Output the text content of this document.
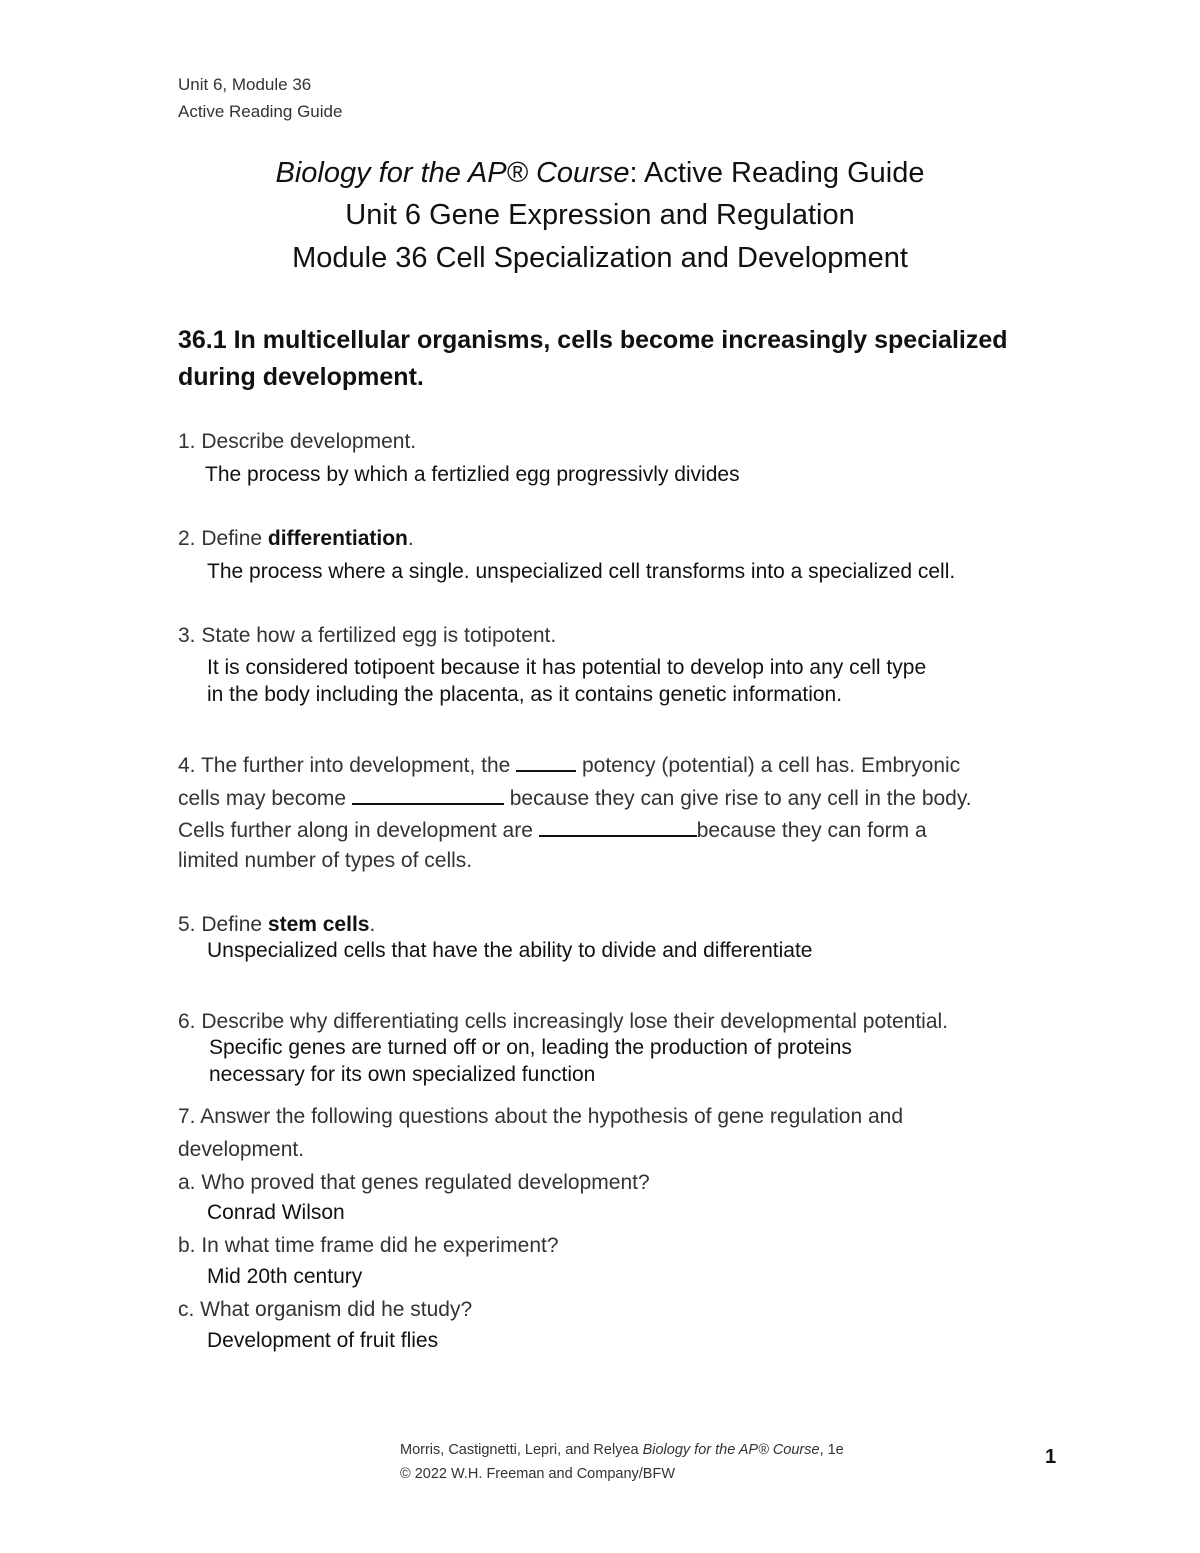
Unit 6, Module 36
Active Reading Guide
Biology for the AP® Course: Active Reading Guide
Unit 6 Gene Expression and Regulation
Module 36 Cell Specialization and Development
36.1 In multicellular organisms, cells become increasingly specialized
during development.
1. Describe development.
The process by which a fertizlied egg progressivly divides
2. Define differentiation.
The process where a single. unspecialized cell transforms into a specialized cell.
3. State how a fertilized egg is totipotent.
It is considered totipoent because it has potential to develop into any cell type
in the body including the placenta, as it contains genetic information.
4. The further into development, the	potency (potential) a cell has. Embryonic
cells may become	because they can give rise to any cell in the body.
Cells further along in development are	because they can form a
limited number of types of cells.
5. Define stem cells.
Unspecialized cells that have the ability to divide and differentiate
6. Describe why differentiating cells increasingly lose their developmental potential.
Specific genes are turned off or on, leading the production of proteins
necessary for its own specialized function
7. Answer the following questions about the hypothesis of gene regulation and
development.
a. Who proved that genes regulated development?
Conrad Wilson
b. In what time frame did he experiment?
Mid 20th century
c. What organism did he study?
Development of fruit flies
Morris, Castignetti, Lepri, and Relyea Biology for the AP® Course, 1e
© 2022 W.H. Freeman and Company/BFW
1
